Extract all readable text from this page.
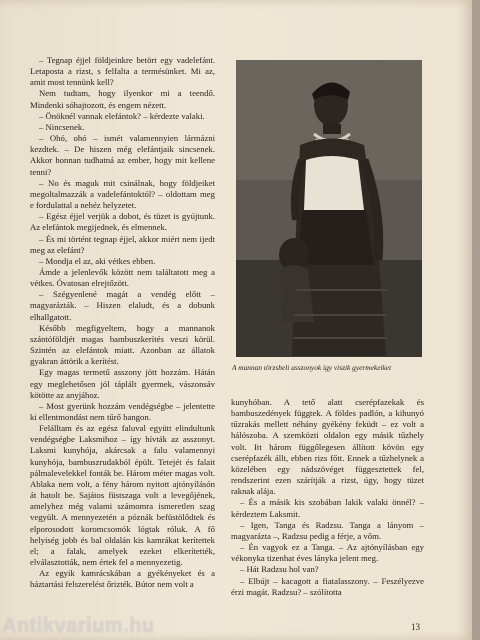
– Tegnap éjjel földjeinkre betört egy vadelefánt. Letaposta a rizst, s felfalta a termésünket. Mi az, amit most tennünk kell?

Nem tudtam, hogy ilyenkor mi a teendő. Mindenki sóhajtozott, és engem nézett.

– Önöknél vannak elefántok? – kérdezte valaki.

– Nincsenek.

– Ohó, ohó – ismét valamennyien lármázni kezdtek. – De hiszen még elefántjaik sincsenek. Akkor honnan tudhatná az ember, hogy mit kellene tenni?

– No és maguk mit csinálnak, hogy földjeiket megoltalmazzák a vadelefántoktól? – oldottam meg e fordulattal a nehéz helyzetet.

– Egész éjjel verjük a dobot, és tüzet is gyújtunk. Az elefántok megijednek, és elmennek.

– És mi történt tegnap éjjel, akkor miért nem ijedt meg az elefánt?

– Mondja el az, aki vétkes ebben.

Ámde a jelenlevők között nem találtatott meg a vétkes. Óvatosan elrejtőzött.

– Szégyenlené magát a vendég előtt – magyarázták. – Hiszen elaludt, és a dobunk elhallgatott.

Később megfigyeltem, hogy a mannanok szántóföldjét magas bambuszkerítés veszi körül. Szintén az elefántok miatt. Azonban az állatok gyakran áttörik a kerítést.

Egy magas termetű asszony jött hozzám. Hátán egy meglehetősen jól táplált gyermek, vászonsáv kötötte az anyjához.

– Most gyerünk hozzám vendégségbe – jelentette ki ellentmondást nem tűrő hangon.

Felálltam és az egész faluval együtt elindultunk vendégségbe Laksmihoz – így hívták az asszonyt. Laksmi kunyhója, akárcsak a falu valamennyi kunyhója, bambuszrudakból épült. Tetejét és falait pálmalevelekkel fonták be. Három méter magas volt. Ablaka nem volt, a fény három nyitott ajtónyílásón át hatolt be. Sajátos füstszaga volt a levegőjének, amelyhez még valami számomra ismeretlen szag vegyült. A mennyezetén a póznák befüstölődtek és elporosodott koromcsomók lógtak róluk. A fő helyiség jobb és bal oldalán kis kamrákat kerítettek el; a falak, amelyek ezeket elkerítették, elválasztották, nem értek fel a mennyezetig.

Az egyik kamrácskában a gyékényeket és a háztartási felszerelést őrizték. Bútor nem volt a

A mannan törzsbeli asszonyok így viszik gyermekeiket

kunyhóban. A tető alatt cserépfazekak és bambuszedények függtek. A földes padlón, a kihunyó tűzrakás mellett néhány gyékény feküdt – ez volt a hálószoba. A szemközti oldalon egy másik tűzhely volt. Itt három függőlegesen állított kövön egy cserépfazék állt, ebben rizs főtt. Ennek a tűzhelynek a közelében egy nádszövéget függesztettek fel, rendszerint ezen szárítják a rizst, úgy, hogy tüzet raknak alája.

– És a másik kis szobában lakik valaki önnél? – kérdeztem Laksmit.

– Igen, Tanga és Radzsu. Tanga a lányom – magyarázta –, Radzsu pedig a férje, a vőm.

– Én vagyok ez a Tanga. – Az ajtónyílásban egy vékonyka tizenhat éves lányka jelent meg.

– Hát Radzsu hol van?

– Elbújt – kacagott a fiatalasszony. – Feszélyezve érzi magát. Radzsu? – szólította

13
Antikvarium.hu
